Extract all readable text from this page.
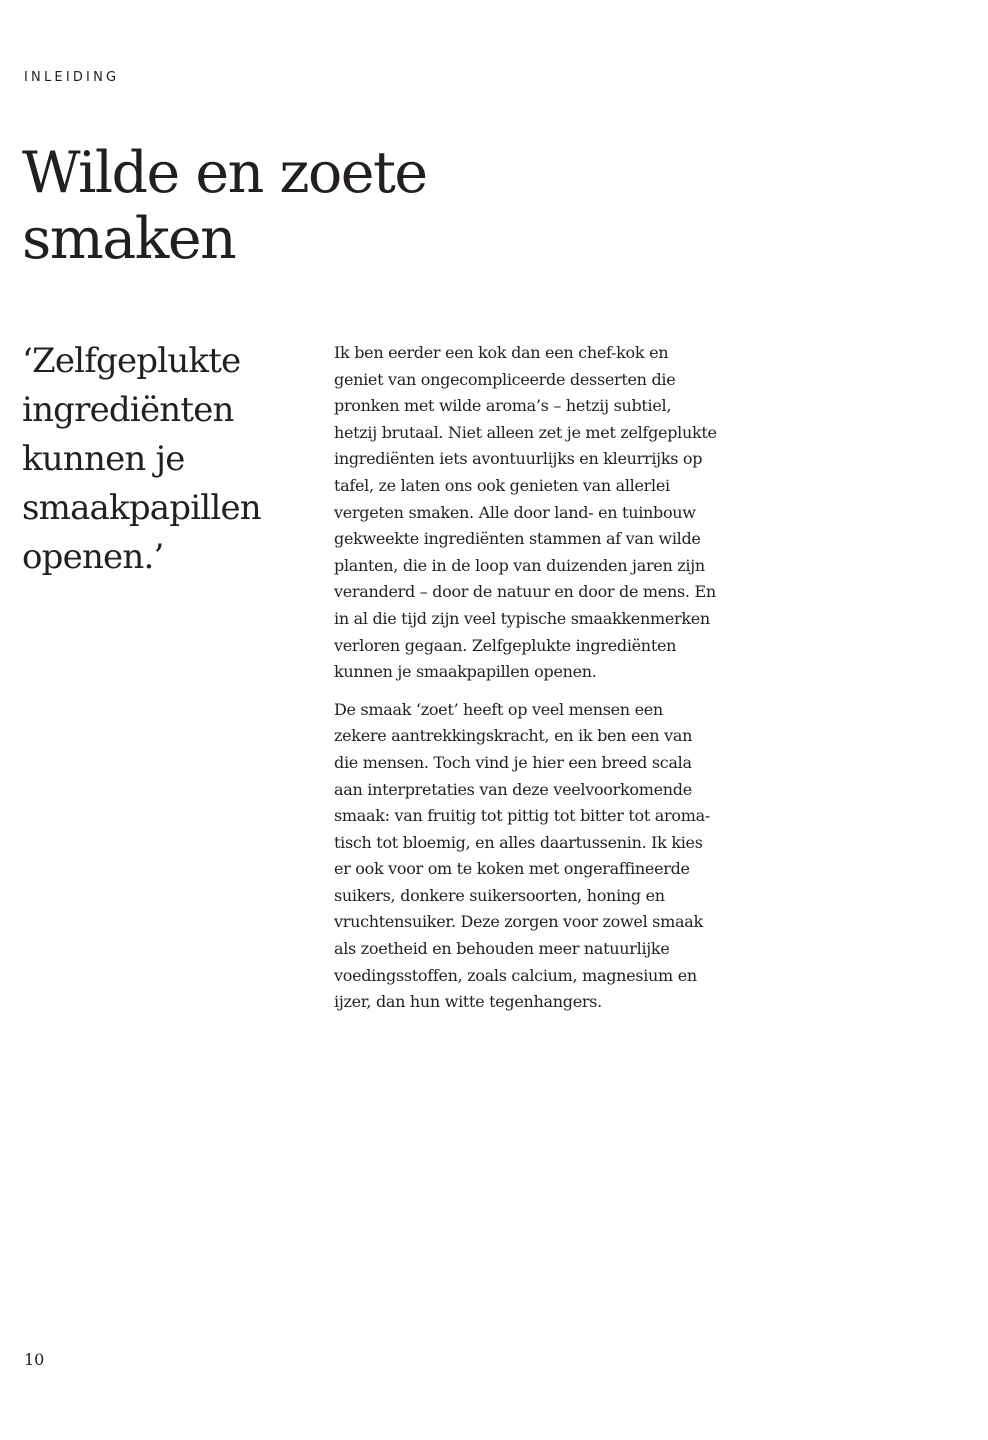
INLEIDING
Wilde en zoete
smaken
‘Zelfgeplukte
ingrediënten
kunnen je
smaakpapillen
openen.’

Ik ben eerder een kok dan een chef-kok en
geniet van ongecompliceerde desserten die
pronken met wilde aroma’s – hetzij subtiel,
hetzij brutaal. Niet alleen zet je met zelfgeplukte
ingrediënten iets avontuurlijks en kleurrijks op
tafel, ze laten ons ook genieten van allerlei
vergeten smaken. Alle door land- en tuinbouw
gekweekte ingrediënten stammen af van wilde
planten, die in de loop van duizenden jaren zijn
veranderd – door de natuur en door de mens. En
in al die tijd zijn veel typische smaakkenmerken
verloren gegaan. Zelfgeplukte ingrediënten
kunnen je smaakpapillen openen.

De smaak ‘zoet’ heeft op veel mensen een
zekere aantrekkingskracht, en ik ben een van
die mensen. Toch vind je hier een breed scala
aan interpretaties van deze veelvoorkomende
smaak: van fruitig tot pittig tot bitter tot aroma-
tisch tot bloemig, en alles daartussenin. Ik kies
er ook voor om te koken met ongeraffineerde
suikers, donkere suikersoorten, honing en
vruchtensuiker. Deze zorgen voor zowel smaak
als zoetheid en behouden meer natuurlijke
voedingsstoffen, zoals calcium, magnesium en
ijzer, dan hun witte tegenhangers.

10
